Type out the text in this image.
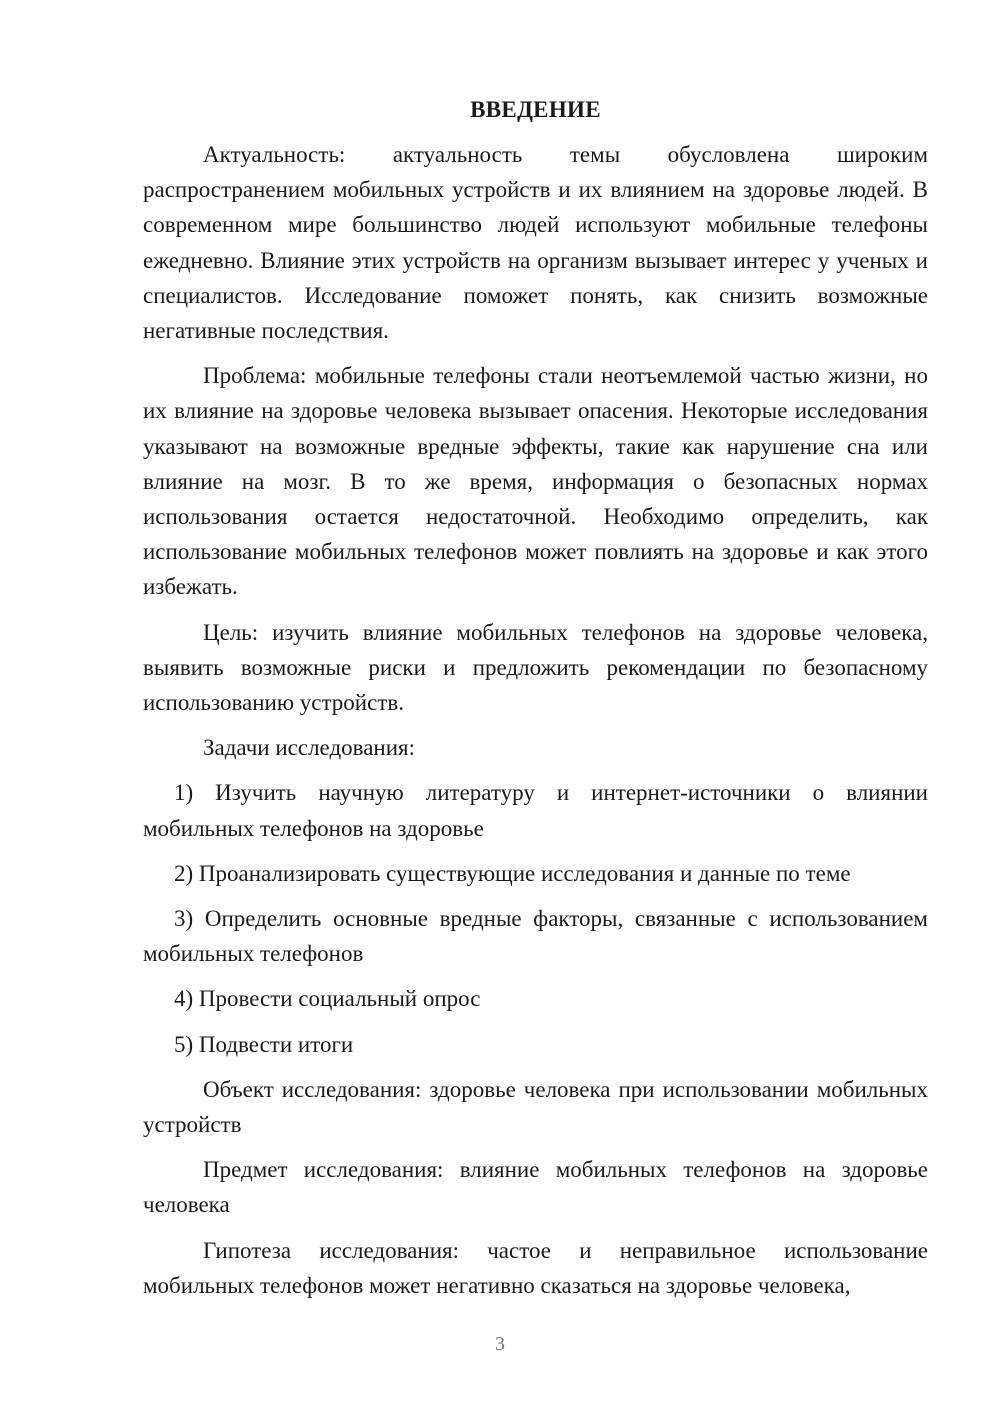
ВВЕДЕНИЕ

Актуальность: актуальность темы обусловлена широким распространением мобильных устройств и их влиянием на здоровье людей. В современном мире большинство людей используют мобильные телефоны ежедневно. Влияние этих устройств на организм вызывает интерес у ученых и специалистов. Исследование поможет понять, как снизить возможные негативные последствия.

Проблема: мобильные телефоны стали неотъемлемой частью жизни, но их влияние на здоровье человека вызывает опасения. Некоторые исследования указывают на возможные вредные эффекты, такие как нарушение сна или влияние на мозг. В то же время, информация о безопасных нормах использования остается недостаточной. Необходимо определить, как использование мобильных телефонов может повлиять на здоровье и как этого избежать.

Цель: изучить влияние мобильных телефонов на здоровье человека, выявить возможные риски и предложить рекомендации по безопасному использованию устройств.

Задачи исследования:

1) Изучить научную литературу и интернет-источники о влиянии мобильных телефонов на здоровье

2) Проанализировать существующие исследования и данные по теме

3) Определить основные вредные факторы, связанные с использованием мобильных телефонов

4) Провести социальный опрос

5) Подвести итоги

Объект исследования: здоровье человека при использовании мобильных устройств

Предмет исследования: влияние мобильных телефонов на здоровье человека

Гипотеза исследования: частое и неправильное использование мобильных телефонов может негативно сказаться на здоровье человека,

3
